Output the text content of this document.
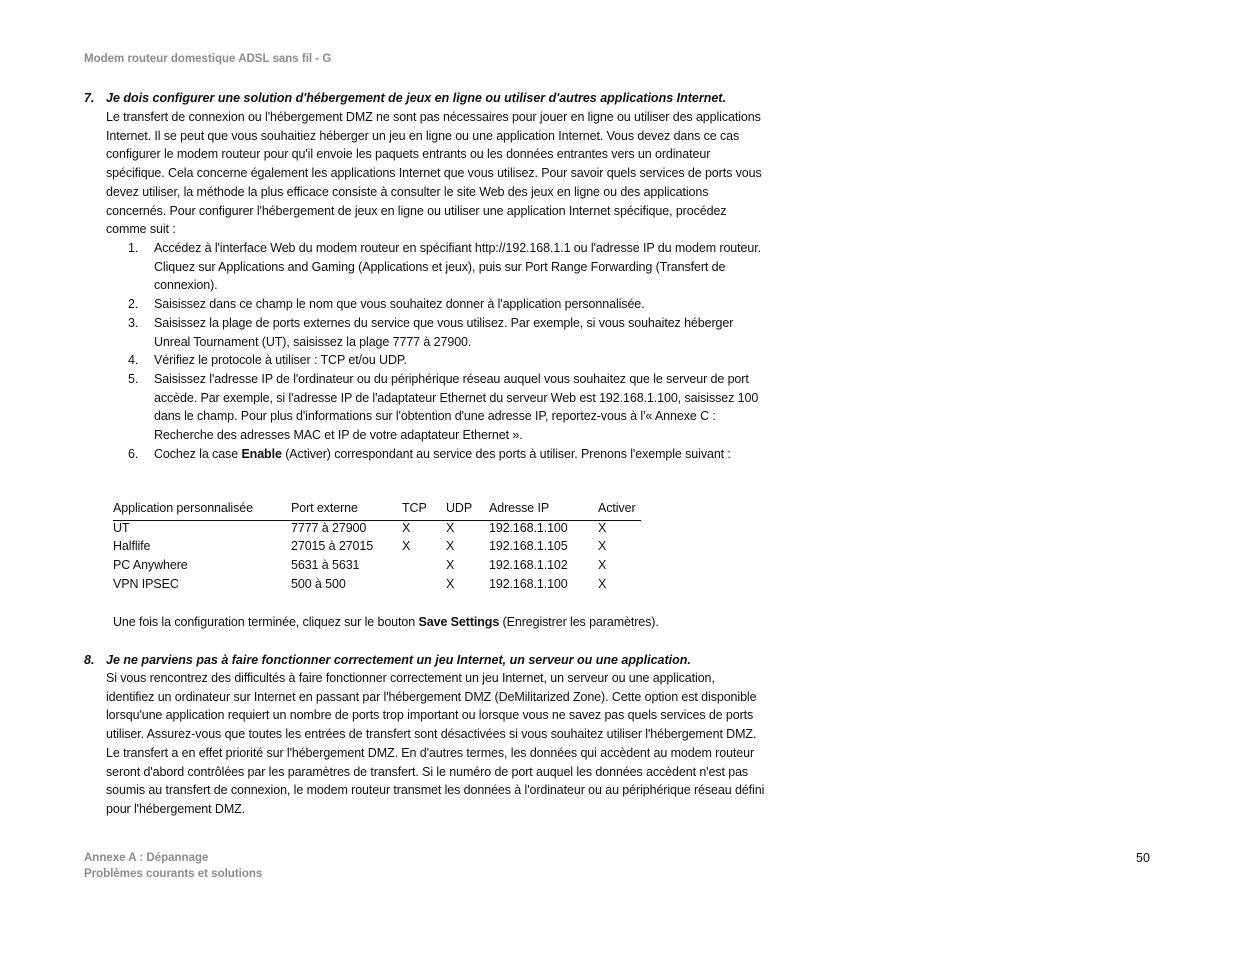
Modem routeur domestique ADSL sans fil - G
7. Je dois configurer une solution d'hébergement de jeux en ligne ou utiliser d'autres applications Internet.
Le transfert de connexion ou l'hébergement DMZ ne sont pas nécessaires pour jouer en ligne ou utiliser des applications Internet. Il se peut que vous souhaitiez héberger un jeu en ligne ou une application Internet. Vous devez dans ce cas configurer le modem routeur pour qu'il envoie les paquets entrants ou les données entrantes vers un ordinateur spécifique. Cela concerne également les applications Internet que vous utilisez. Pour savoir quels services de ports vous devez utiliser, la méthode la plus efficace consiste à consulter le site Web des jeux en ligne ou des applications concernés. Pour configurer l'hébergement de jeux en ligne ou utiliser une application Internet spécifique, procédez comme suit :
1. Accédez à l'interface Web du modem routeur en spécifiant http://192.168.1.1 ou l'adresse IP du modem routeur. Cliquez sur Applications and Gaming (Applications et jeux), puis sur Port Range Forwarding (Transfert de connexion).
2. Saisissez dans ce champ le nom que vous souhaitez donner à l'application personnalisée.
3. Saisissez la plage de ports externes du service que vous utilisez. Par exemple, si vous souhaitez héberger Unreal Tournament (UT), saisissez la plage 7777 à 27900.
4. Vérifiez le protocole à utiliser : TCP et/ou UDP.
5. Saisissez l'adresse IP de l'ordinateur ou du périphérique réseau auquel vous souhaitez que le serveur de port accède. Par exemple, si l'adresse IP de l'adaptateur Ethernet du serveur Web est 192.168.1.100, saisissez 100 dans le champ. Pour plus d'informations sur l'obtention d'une adresse IP, reportez-vous à l'« Annexe C : Recherche des adresses MAC et IP de votre adaptateur Ethernet ».
6. Cochez la case Enable (Activer) correspondant au service des ports à utiliser. Prenons l'exemple suivant :
Application personnalisée	Port externe	TCP	UDP	Adresse IP	Activer
UT	7777 à 27900	X	X	192.168.1.100	X
Halflife	27015 à 27015	X	X	192.168.1.105	X
PC Anywhere	5631 à 5631		X	192.168.1.102	X
VPN IPSEC	500 à 500		X	192.168.1.100	X
Une fois la configuration terminée, cliquez sur le bouton Save Settings (Enregistrer les paramètres).
8. Je ne parviens pas à faire fonctionner correctement un jeu Internet, un serveur ou une application.
Si vous rencontrez des difficultés à faire fonctionner correctement un jeu Internet, un serveur ou une application, identifiez un ordinateur sur Internet en passant par l'hébergement DMZ (DeMilitarized Zone). Cette option est disponible lorsqu'une application requiert un nombre de ports trop important ou lorsque vous ne savez pas quels services de ports utiliser. Assurez-vous que toutes les entrées de transfert sont désactivées si vous souhaitez utiliser l'hébergement DMZ. Le transfert a en effet priorité sur l'hébergement DMZ. En d'autres termes, les données qui accèdent au modem routeur seront d'abord contrôlées par les paramètres de transfert. Si le numéro de port auquel les données accèdent n'est pas soumis au transfert de connexion, le modem routeur transmet les données à l'ordinateur ou au périphérique réseau défini pour l'hébergement DMZ.
Annexe A : Dépannage
Problèmes courants et solutions
50
